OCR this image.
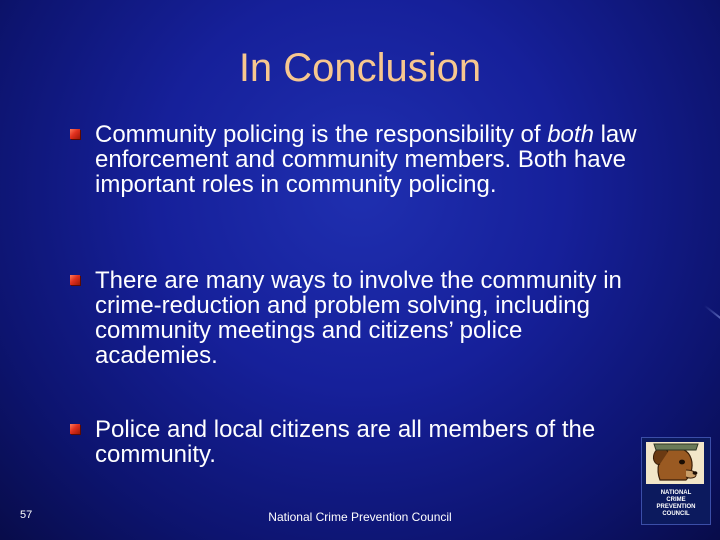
In Conclusion
Community policing is the responsibility of both law enforcement and community members. Both have important roles in community policing.
There are many ways to involve the community in crime-reduction and problem solving, including community meetings and citizens’ police academies.
Police and local citizens are all members of the community.
57	National Crime Prevention Council
NATIONAL
CRIME
PREVENTION
COUNCIL
